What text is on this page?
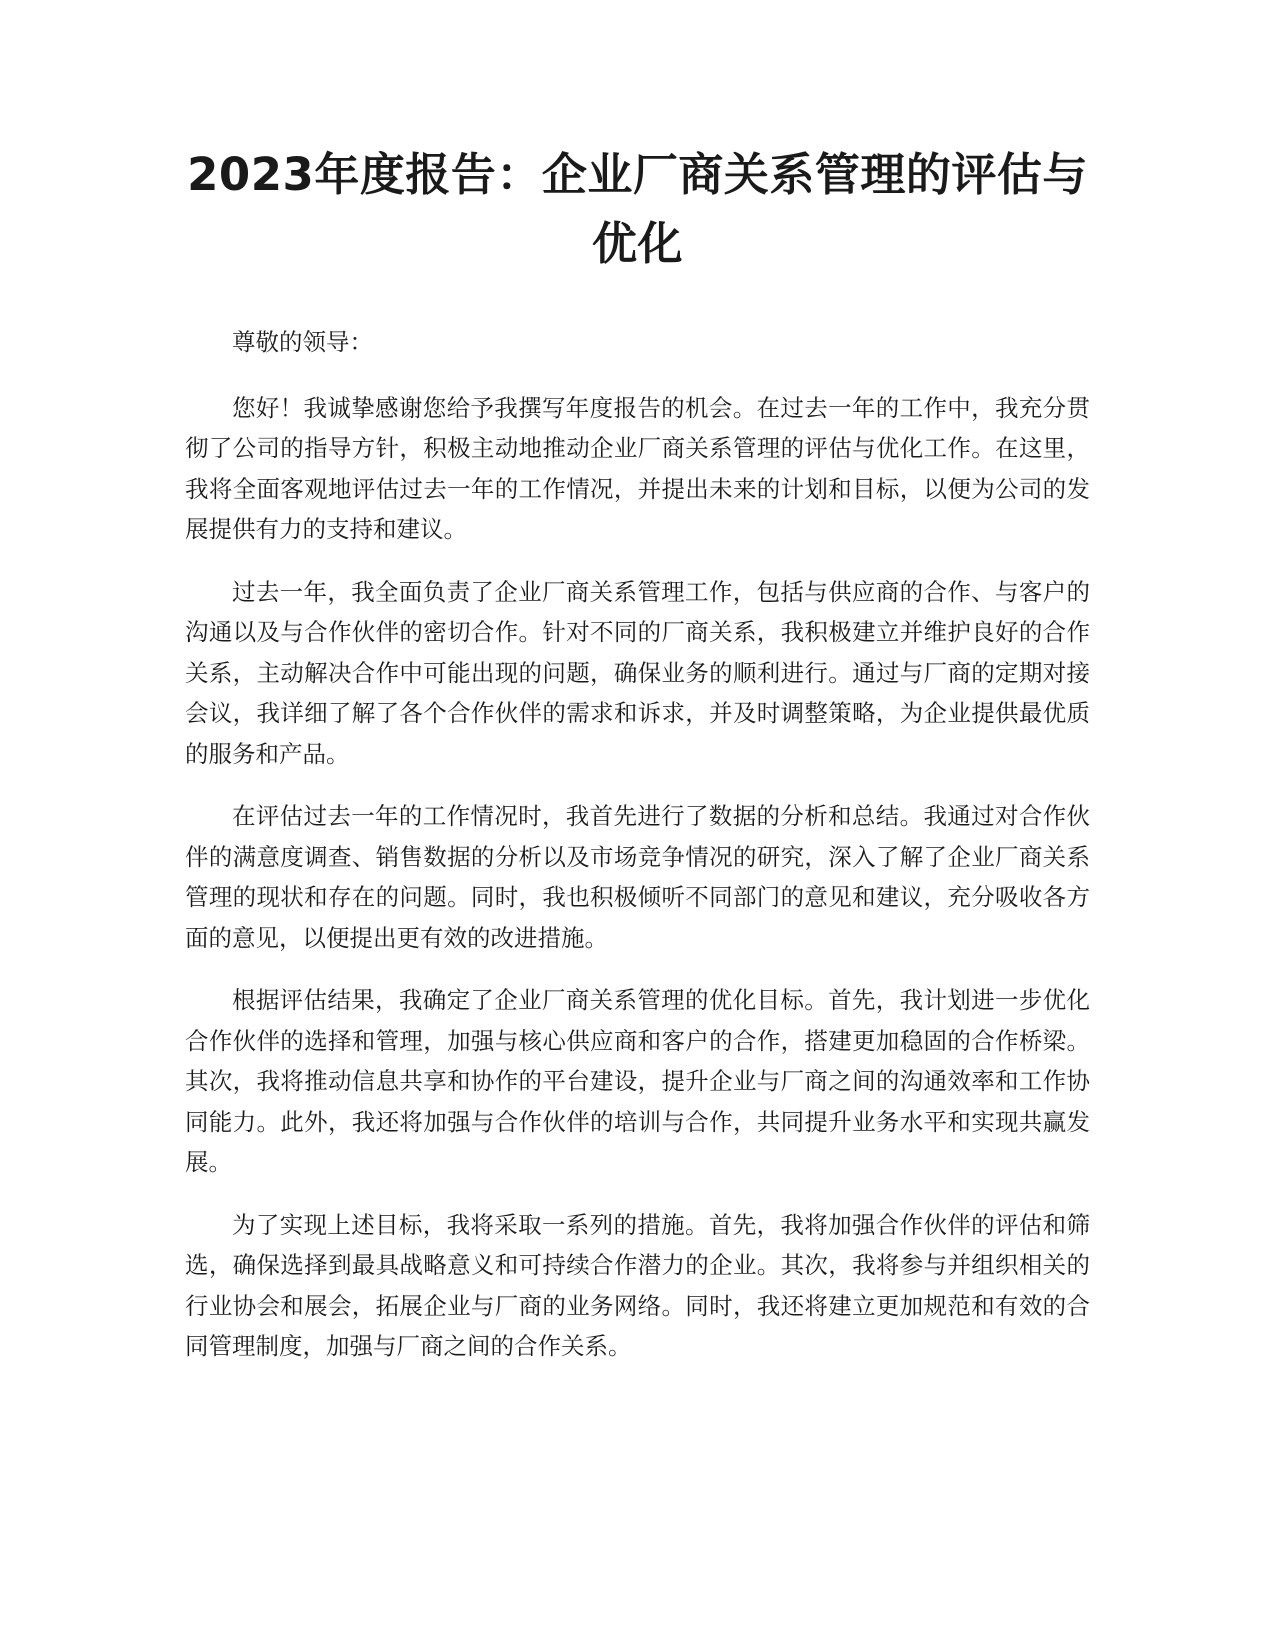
2023年度报告：企业厂商关系管理的评估与优化

尊敬的领导：

您好！我诚挚感谢您给予我撰写年度报告的机会。在过去一年的工作中，我充分贯彻了公司的指导方针，积极主动地推动企业厂商关系管理的评估与优化工作。在这里，我将全面客观地评估过去一年的工作情况，并提出未来的计划和目标，以便为公司的发展提供有力的支持和建议。

过去一年，我全面负责了企业厂商关系管理工作，包括与供应商的合作、与客户的沟通以及与合作伙伴的密切合作。针对不同的厂商关系，我积极建立并维护良好的合作关系，主动解决合作中可能出现的问题，确保业务的顺利进行。通过与厂商的定期对接会议，我详细了解了各个合作伙伴的需求和诉求，并及时调整策略，为企业提供最优质的服务和产品。

在评估过去一年的工作情况时，我首先进行了数据的分析和总结。我通过对合作伙伴的满意度调查、销售数据的分析以及市场竞争情况的研究，深入了解了企业厂商关系管理的现状和存在的问题。同时，我也积极倾听不同部门的意见和建议，充分吸收各方面的意见，以便提出更有效的改进措施。

根据评估结果，我确定了企业厂商关系管理的优化目标。首先，我计划进一步优化合作伙伴的选择和管理，加强与核心供应商和客户的合作，搭建更加稳固的合作桥梁。其次，我将推动信息共享和协作的平台建设，提升企业与厂商之间的沟通效率和工作协同能力。此外，我还将加强与合作伙伴的培训与合作，共同提升业务水平和实现共赢发展。

为了实现上述目标，我将采取一系列的措施。首先，我将加强合作伙伴的评估和筛选，确保选择到最具战略意义和可持续合作潜力的企业。其次，我将参与并组织相关的行业协会和展会，拓展企业与厂商的业务网络。同时，我还将建立更加规范和有效的合同管理制度，加强与厂商之间的合作关系。
